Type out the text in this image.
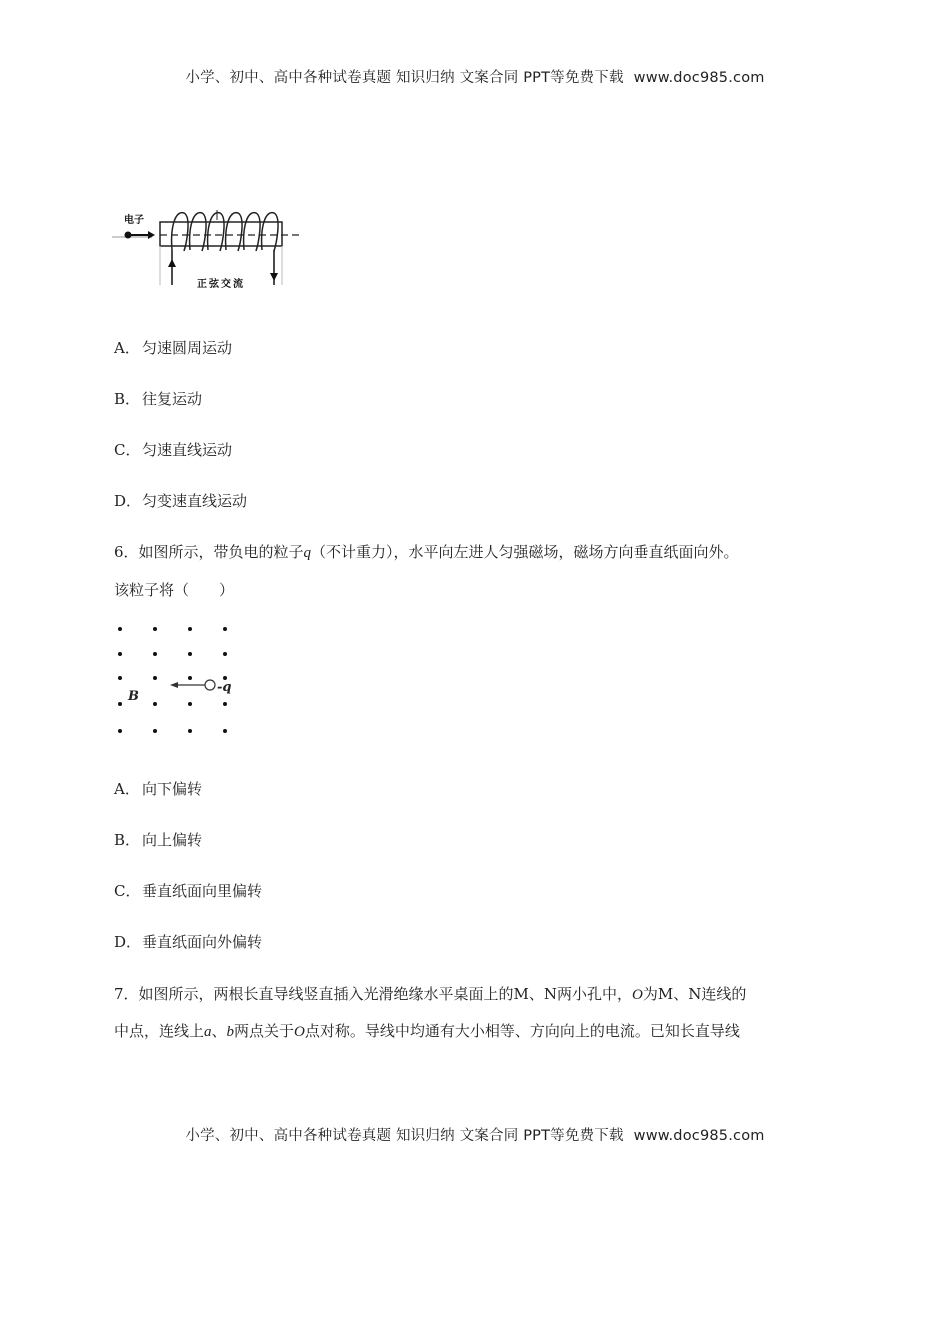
小学、初中、高中各种试卷真题 知识归纳 文案合同 PPT等免费下载 www.doc985.com
电子
正弦交流
A． 匀速圆周运动
B． 往复运动
C． 匀速直线运动
D．匀变速直线运动
6．如图所示，带负电的粒子q（不计重力），水平向左进人匀强磁场，磁场方向垂直纸面向外。
该粒子将（　　）
-q
B
A． 向下偏转
B． 向上偏转
C． 垂直纸面向里偏转
D．垂直纸面向外偏转
7．如图所示，两根长直导线竖直插入光滑绝缘水平桌面上的M、N两小孔中，O为M、N连线的
中点，连线上a、b两点关于O点对称。导线中均通有大小相等、方向向上的电流。已知长直导线
小学、初中、高中各种试卷真题 知识归纳 文案合同 PPT等免费下载 www.doc985.com
